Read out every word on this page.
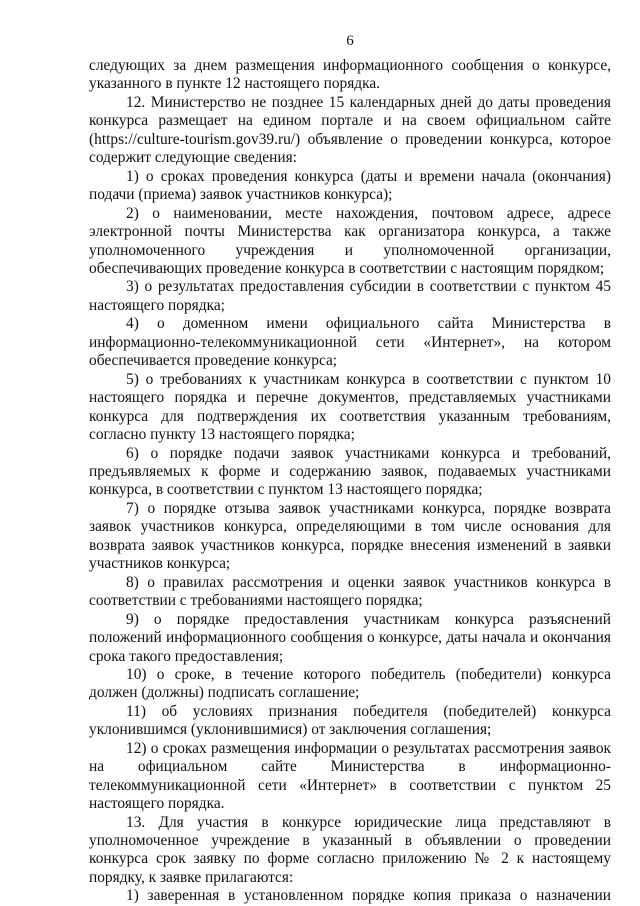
6

следующих за днем размещения информационного сообщения о конкурсе, указанного в пункте 12 настоящего порядка.

12. Министерство не позднее 15 календарных дней до даты проведения конкурса размещает на едином портале и на своем официальном сайте (https://culture-tourism.gov39.ru/) объявление о проведении конкурса, которое содержит следующие сведения:

1) о сроках проведения конкурса (даты и времени начала (окончания) подачи (приема) заявок участников конкурса);

2) о наименовании, месте нахождения, почтовом адресе, адресе электронной почты Министерства как организатора конкурса, а также уполномоченного учреждения и уполномоченной организации, обеспечивающих проведение конкурса в соответствии с настоящим порядком;

3) о результатах предоставления субсидии в соответствии с пунктом 45 настоящего порядка;

4) о доменном имени официального сайта Министерства в информационно-телекоммуникационной сети «Интернет», на котором обеспечивается проведение конкурса;

5) о требованиях к участникам конкурса в соответствии с пунктом 10 настоящего порядка и перечне документов, представляемых участниками конкурса для подтверждения их соответствия указанным требованиям, согласно пункту 13 настоящего порядка;

6) о порядке подачи заявок участниками конкурса и требований, предъявляемых к форме и содержанию заявок, подаваемых участниками конкурса, в соответствии с пунктом 13 настоящего порядка;

7) о порядке отзыва заявок участниками конкурса, порядке возврата заявок участников конкурса, определяющими в том числе основания для возврата заявок участников конкурса, порядке внесения изменений в заявки участников конкурса;

8) о правилах рассмотрения и оценки заявок участников конкурса в соответствии с требованиями настоящего порядка;

9) о порядке предоставления участникам конкурса разъяснений положений информационного сообщения о конкурсе, даты начала и окончания срока такого предоставления;

10) о сроке, в течение которого победитель (победители) конкурса должен (должны) подписать соглашение;

11) об условиях признания победителя (победителей) конкурса уклонившимся (уклонившимися) от заключения соглашения;

12) о сроках размещения информации о результатах рассмотрения заявок на официальном сайте Министерства в информационно-телекоммуникационной сети «Интернет» в соответствии с пунктом 25 настоящего порядка.

13. Для участия в конкурсе юридические лица представляют в уполномоченное учреждение в указанный в объявлении о проведении конкурса срок заявку по форме согласно приложению № 2 к настоящему порядку, к заявке прилагаются:

1) заверенная в установленном порядке копия приказа о назначении
